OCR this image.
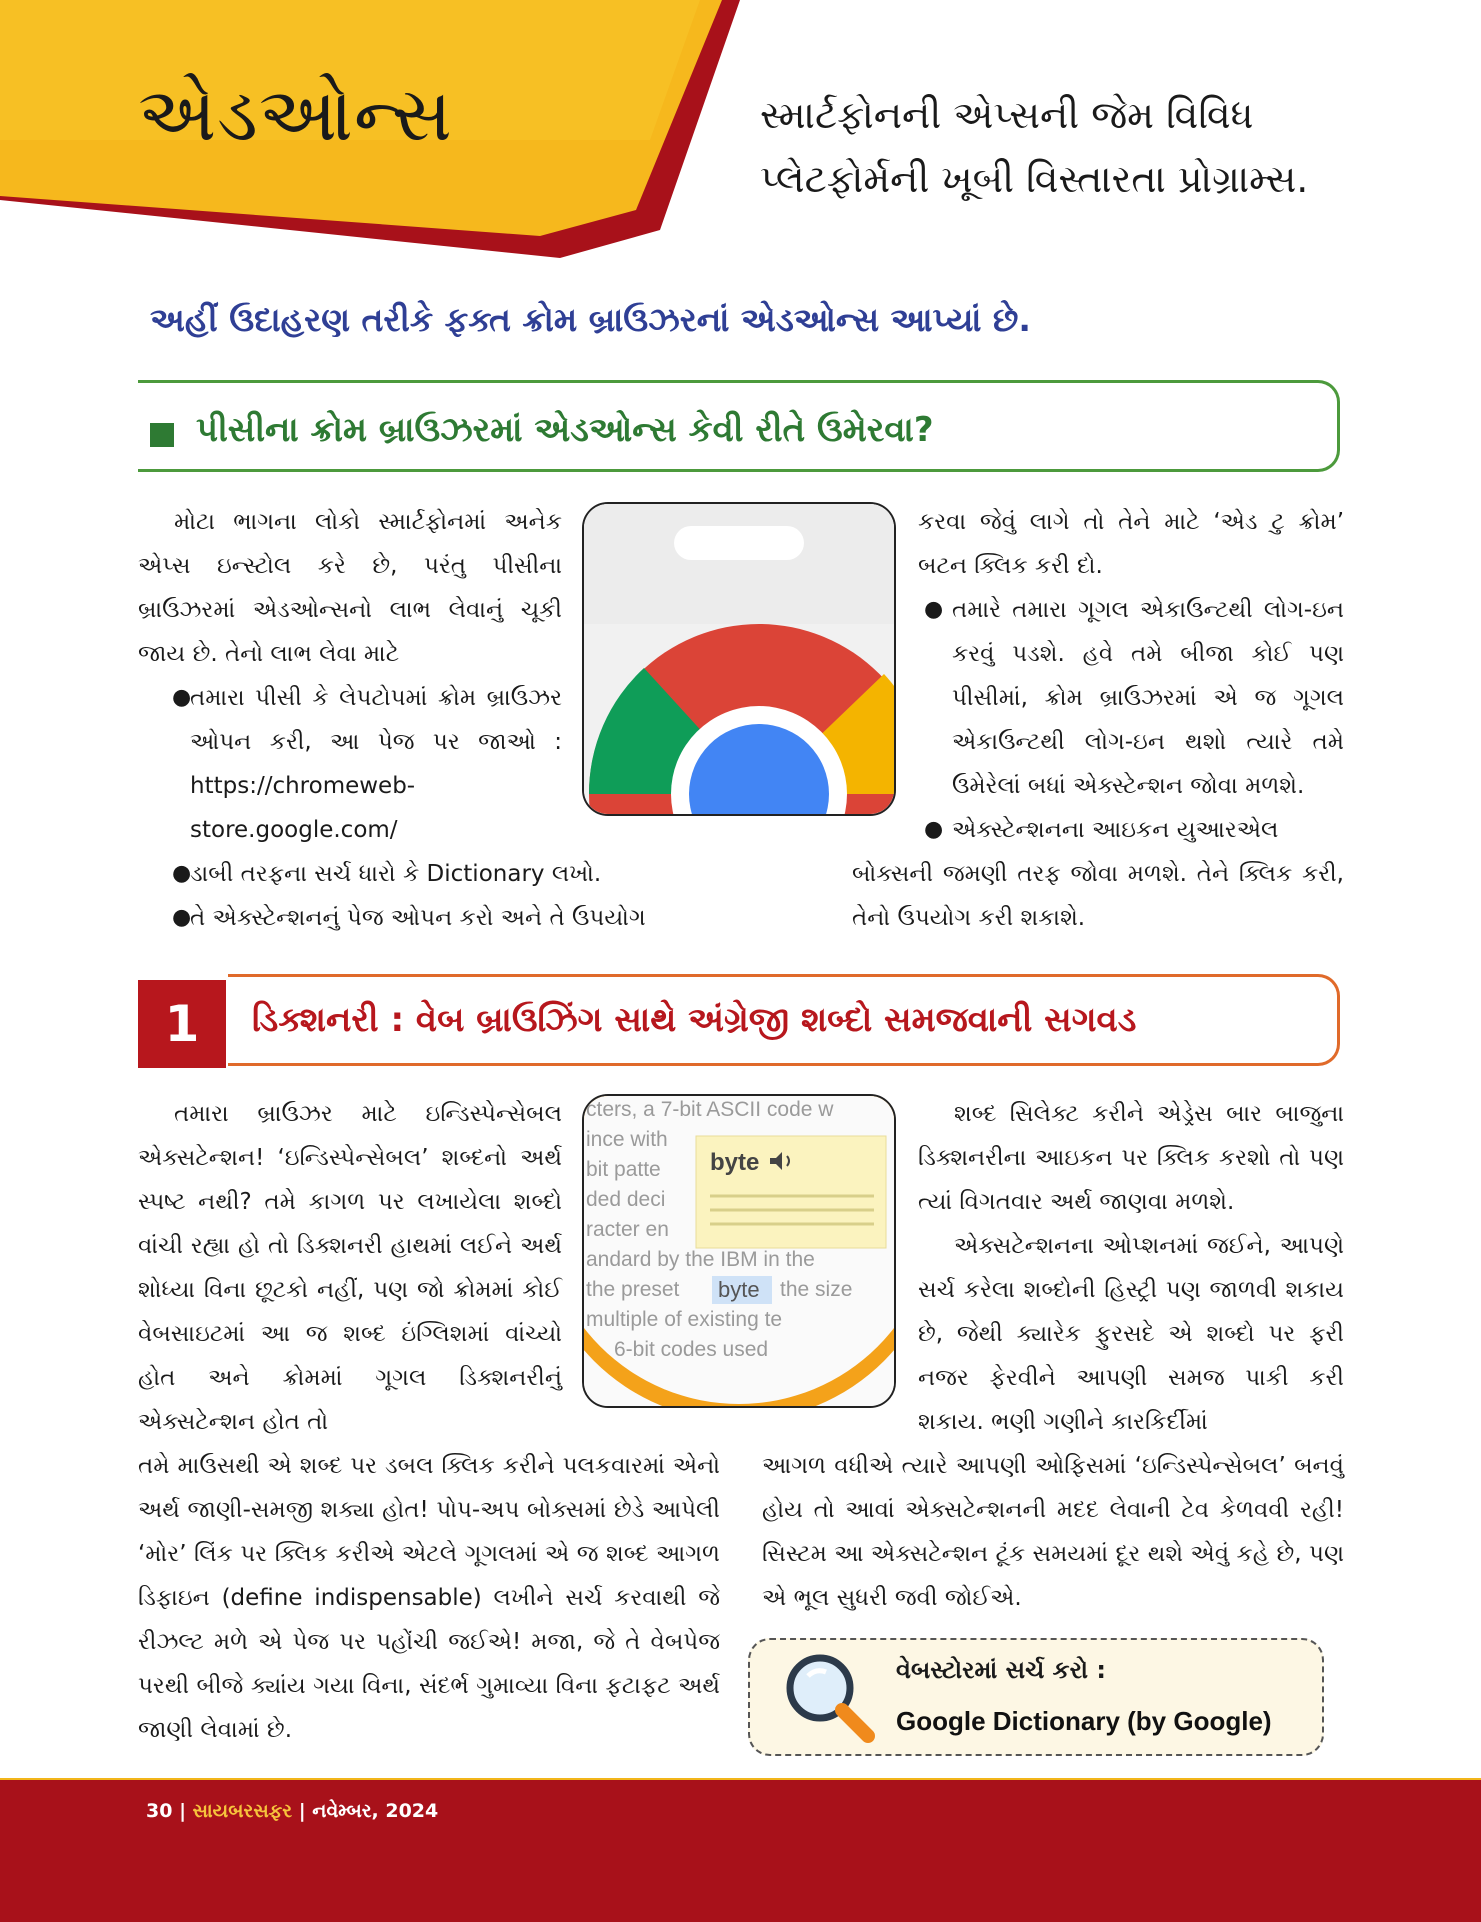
એડઓન્સ	સ્માર્ટફોનની એપ્સની જેમ વિવિધ
પ્લેટફોર્મની ખૂબી વિસ્તારતા પ્રોગ્રામ્સ.
અહીં ઉદાહરણ તરીકે ફક્ત ક્રોમ બ્રાઉઝરનાં એડઓન્સ આપ્યાં છે.
પીસીના ક્રોમ બ્રાઉઝરમાં એડઓન્સ કેવી રીતે ઉમેરવા?

મોટા ભાગના લોકો સ્માર્ટફોનમાં અનેક એપ્સ ઇન્સ્ટોલ કરે છે, પરંતુ પીસીના બ્રાઉઝરમાં એડઓન્સનો લાભ લેવાનું ચૂકી જાય છે. તેનો લાભ લેવા માટે

●
તમારા પીસી કે લેપટોપમાં ક્રોમ બ્રાઉઝર ઓપન કરી, આ પેજ પર જાઓ : https://chromeweb-store.google.com/

●
ડાબી તરફના સર્ચ ધારો કે Dictionary લખો.

●
તે એક્સ્ટેન્શનનું પેજ ઓપન કરો અને તે ઉપયોગ

કરવા જેવું લાગે તો તેને માટે ‘એડ ટુ ક્રોમ’ બટન ક્લિક કરી દો.

● તમારે તમારા ગૂગલ એકાઉન્ટથી લોગ-ઇન કરવું પડશે. હવે તમે બીજા કોઈ પણ પીસીમાં, ક્રોમ બ્રાઉઝરમાં એ જ ગૂગલ એકાઉન્ટથી લોગ-ઇન થશો ત્યારે તમે ઉમેરેલાં બધાં એક્સ્ટેન્શન જોવા મળશે.

● એક્સ્ટેન્શનના આઇકન યુઆરએલ

બોક્સની જમણી તરફ જોવા મળશે. તેને ક્લિક કરી, તેનો ઉપયોગ કરી શકાશે.

1	ડિક્શનરી : વેબ બ્રાઉઝિંગ સાથે અંગ્રેજી શબ્દો સમજવાની સગવડ

તમારા બ્રાઉઝર માટે ઇન્ડિસ્પેન્સેબલ એક્સટેન્શન! ‘ઇન્ડિસ્પેન્સેબલ’ શબ્દનો અર્થ સ્પષ્ટ નથી? તમે કાગળ પર લખાયેલા શબ્દો વાંચી રહ્યા હો તો ડિક્શનરી હાથમાં લઈને અર્થ શોધ્યા વિના છૂટકો નહીં, પણ જો ક્રોમમાં કોઈ વેબસાઇટમાં આ જ શબ્દ ઇંગ્લિશમાં વાંચ્યો હોત અને ક્રોમમાં ગૂગલ ડિક્શનરીનું એક્સટેન્શન હોત તો

તમે માઉસથી એ શબ્દ પર ડબલ ક્લિક કરીને પલકવારમાં એનો અર્થ જાણી-સમજી શક્યા હોત! પોપ-અપ બોક્સમાં છેડે આપેલી ‘મોર’ લિંક પર ક્લિક કરીએ એટલે ગૂગલમાં એ જ શબ્દ આગળ ડિફાઇન (define indispensable) લખીને સર્ચ કરવાથી જે રીઝલ્ટ મળે એ પેજ પર પહોંચી જઈએ! મજા, જે તે વેબપેજ પરથી બીજે ક્યાંય ગયા વિના, સંદર્ભ ગુમાવ્યા વિના ફટાફટ અર્થ જાણી લેવામાં છે.

cters, a 7-bit ASCII code w
ince with
bit patte
ded deci
racter en
andard by the IBM in the
the preset	the size
multiple of existing te
6-bit codes used
byte
byte

શબ્દ સિલેક્ટ કરીને એડ્રેસ બાર બાજુના ડિક્શનરીના આઇકન પર ક્લિક કરશો તો પણ ત્યાં વિગતવાર અર્થ જાણવા મળશે.

એક્સટેન્શનના ઓપ્શનમાં જઈને, આપણે સર્ચ કરેલા શબ્દોની હિસ્ટ્રી પણ જાળવી શકાય છે, જેથી ક્યારેક ફુરસદે એ શબ્દો પર ફરી નજર ફેરવીને આપણી સમજ પાકી કરી શકાય. ભણી ગણીને કારકિર્દીમાં

આગળ વધીએ ત્યારે આપણી ઓફિસમાં ‘ઇન્ડિસ્પેન્સેબલ’ બનવું હોય તો આવાં એક્સટેન્શનની મદદ લેવાની ટેવ કેળવવી રહી! સિસ્ટમ આ એક્સટેન્શન ટૂંક સમયમાં દૂર થશે એવું કહે છે, પણ એ ભૂલ સુધરી જવી જોઈએ.

વેબસ્ટોરમાં સર્ચ કરો :
Google Dictionary (by Google)
30 | સાયબરસફર | નવેમ્બર, 2024
